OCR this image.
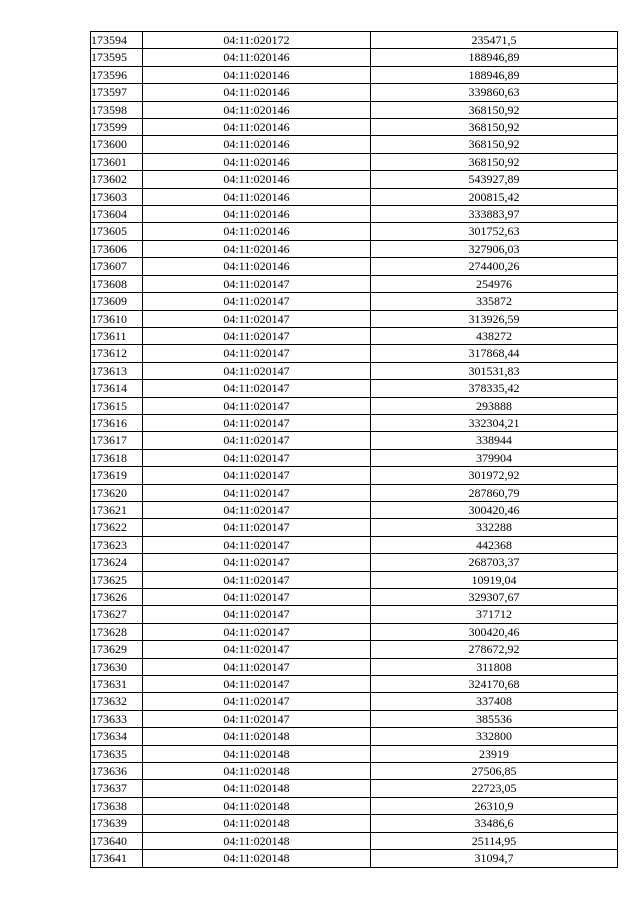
173594	04:11:020172	235471,5
173595	04:11:020146	188946,89
173596	04:11:020146	188946,89
173597	04:11:020146	339860,63
173598	04:11:020146	368150,92
173599	04:11:020146	368150,92
173600	04:11:020146	368150,92
173601	04:11:020146	368150,92
173602	04:11:020146	543927,89
173603	04:11:020146	200815,42
173604	04:11:020146	333883,97
173605	04:11:020146	301752,63
173606	04:11:020146	327906,03
173607	04:11:020146	274400,26
173608	04:11:020147	254976
173609	04:11:020147	335872
173610	04:11:020147	313926,59
173611	04:11:020147	438272
173612	04:11:020147	317868,44
173613	04:11:020147	301531,83
173614	04:11:020147	378335,42
173615	04:11:020147	293888
173616	04:11:020147	332304,21
173617	04:11:020147	338944
173618	04:11:020147	379904
173619	04:11:020147	301972,92
173620	04:11:020147	287860,79
173621	04:11:020147	300420,46
173622	04:11:020147	332288
173623	04:11:020147	442368
173624	04:11:020147	268703,37
173625	04:11:020147	10919,04
173626	04:11:020147	329307,67
173627	04:11:020147	371712
173628	04:11:020147	300420,46
173629	04:11:020147	278672,92
173630	04:11:020147	311808
173631	04:11:020147	324170,68
173632	04:11:020147	337408
173633	04:11:020147	385536
173634	04:11:020148	332800
173635	04:11:020148	23919
173636	04:11:020148	27506,85
173637	04:11:020148	22723,05
173638	04:11:020148	26310,9
173639	04:11:020148	33486,6
173640	04:11:020148	25114,95
173641	04:11:020148	31094,7
